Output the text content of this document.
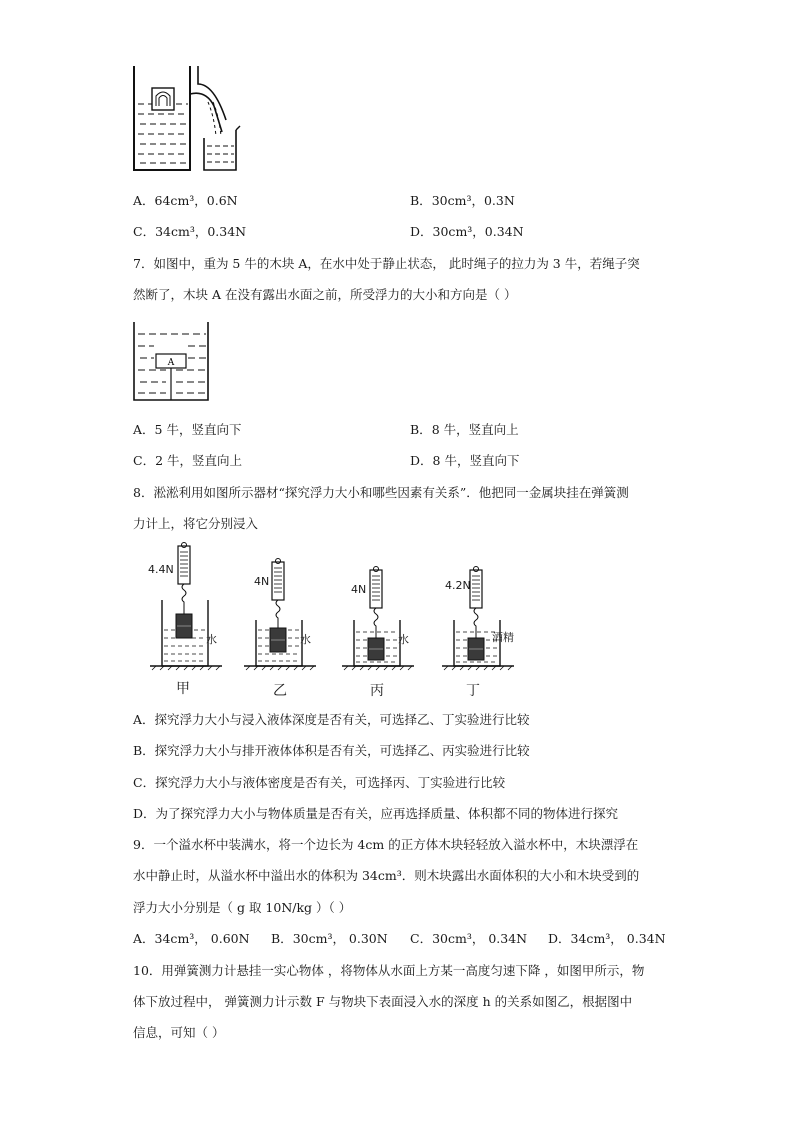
A．64cm³，0.6N	B．30cm³，0.3N
C．34cm³，0.34N	D．30cm³，0.34N
7．如图中，重为 5 牛的木块 A，在水中处于静止状态， 此时绳子的拉力为 3 牛，若绳子突
然断了，木块 A 在没有露出水面之前，所受浮力的大小和方向是（ ）
A
A．5 牛，竖直向下	B．8 牛，竖直向上
C．2 牛，竖直向上	D．8 牛，竖直向下
8．淞淞利用如图所示器材“探究浮力大小和哪些因素有关系”．他把同一金属块挂在弹簧测
力计上，将它分别浸入
4.4N
水
甲
4N
水
乙
4N
水
丙
4.2N
酒精
丁
A．探究浮力大小与浸入液体深度是否有关，可选择乙、丁实验进行比较
B．探究浮力大小与排开液体体积是否有关，可选择乙、丙实验进行比较
C．探究浮力大小与液体密度是否有关，可选择丙、丁实验进行比较
D．为了探究浮力大小与物体质量是否有关，应再选择质量、体积都不同的物体进行探究
9．一个溢水杯中装满水，将一个边长为 4cm 的正方体木块轻轻放入溢水杯中，木块漂浮在
水中静止时，从溢水杯中溢出水的体积为 34cm³．则木块露出水面体积的大小和木块受到的
浮力大小分别是（ g 取 10N/kg ）（ ）
A．34cm³， 0.60N B．30cm³， 0.30N C．30cm³， 0.34N D．34cm³， 0.34N
10．用弹簧测力计悬挂一实心物体 ，将物体从水面上方某一高度匀速下降 ，如图甲所示，物
体下放过程中， 弹簧测力计示数 F 与物块下表面浸入水的深度 h 的关系如图乙，根据图中
信息，可知（ ）
